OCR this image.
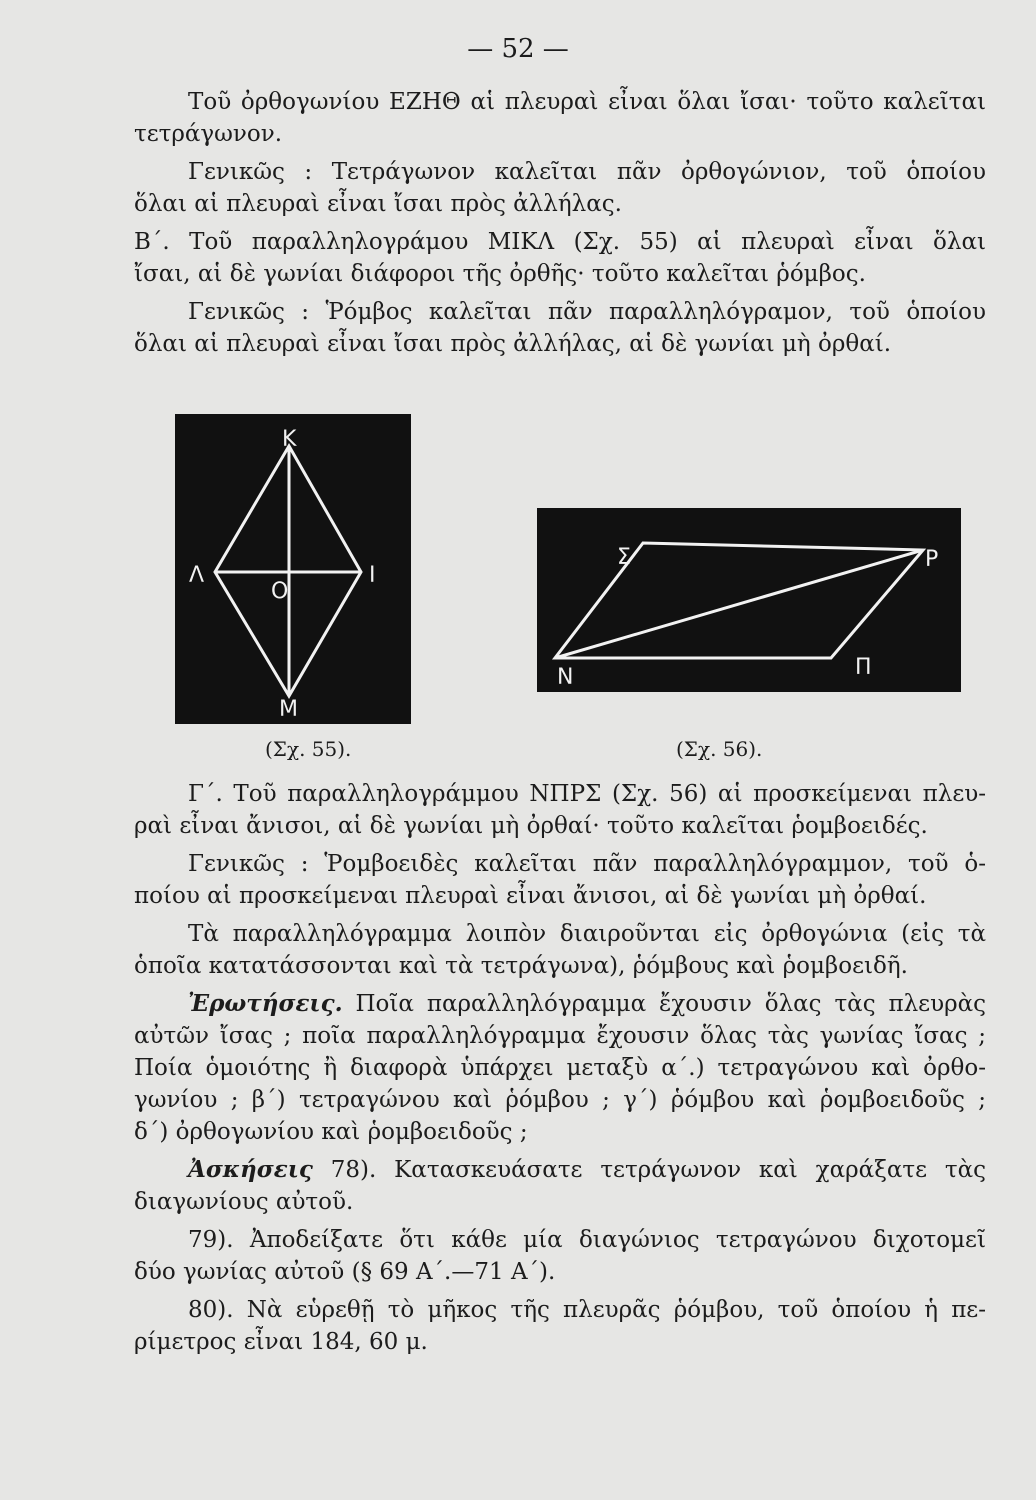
— 52 —

Τοῦ ὀρθογωνίου ΕΖΗΘ αἱ πλευραὶ εἶναι ὅλαι ἴσαι· τοῦτο καλεῖται

τετράγωνον.

Γενικῶς : Τετράγωνον καλεῖται πᾶν ὀρθογώνιον, τοῦ ὁποίου

ὅλαι αἱ πλευραὶ εἶναι ἴσαι πρὸς ἀλλήλας.

Β΄. Τοῦ παραλληλογράμου ΜΙΚΛ (Σχ. 55) αἱ πλευραὶ εἶναι ὅλαι

ἴσαι, αἱ δὲ γωνίαι διάφοροι τῆς ὀρθῆς· τοῦτο καλεῖται ῥόμβος.

Γενικῶς : Ῥόμβος καλεῖται πᾶν παραλληλόγραμον, τοῦ ὁποίου

ὅλαι αἱ πλευραὶ εἶναι ἴσαι πρὸς ἀλλήλας, αἱ δὲ γωνίαι μὴ ὀρθαί.

Κ
Λ
Ο
Ι
Μ
(Σχ. 55).
Σ	Ρ
Ν	Π
(Σχ. 56).

Γ΄. Τοῦ παραλληλογράμμου ΝΠΡΣ (Σχ. 56) αἱ προσκείμεναι πλευ-

ραὶ εἶναι ἄνισοι, αἱ δὲ γωνίαι μὴ ὀρθαί· τοῦτο καλεῖται ῥομβοειδές.

Γενικῶς : Ῥομβοειδὲς καλεῖται πᾶν παραλληλόγραμμον, τοῦ ὁ-

ποίου αἱ προσκείμεναι πλευραὶ εἶναι ἄνισοι, αἱ δὲ γωνίαι μὴ ὀρθαί.

Τὰ παραλληλόγραμμα λοιπὸν διαιροῦνται εἰς ὀρθογώνια (εἰς τὰ

ὁποῖα κατατάσσονται καὶ τὰ τετράγωνα), ῥόμβους καὶ ῥομβοειδῆ.

Ἐρωτήσεις. Ποῖα παραλληλόγραμμα ἔχουσιν ὅλας τὰς πλευρὰς

αὐτῶν ἴσας ; ποῖα παραλληλόγραμμα ἔχουσιν ὅλας τὰς γωνίας ἴσας ;

Ποία ὁμοιότης ἢ διαφορὰ ὑπάρχει μεταξὺ α΄.) τετραγώνου καὶ ὀρθο-

γωνίου ; β΄) τετραγώνου καὶ ῥόμβου ; γ΄) ῥόμβου καὶ ῥομβοειδοῦς ;

δ΄) ὀρθογωνίου καὶ ῥομβοειδοῦς ;

Ἀσκήσεις 78). Κατασκευάσατε τετράγωνον καὶ χαράξατε τὰς

διαγωνίους αὐτοῦ.

79). Ἀποδείξατε ὅτι κάθε μία διαγώνιος τετραγώνου διχοτομεῖ

δύο γωνίας αὐτοῦ (§ 69 Α΄.—71 Α΄).

80). Νὰ εὑρεθῇ τὸ μῆκος τῆς πλευρᾶς ῥόμβου, τοῦ ὁποίου ἡ πε-

ρίμετρος εἶναι 184, 60 μ.
